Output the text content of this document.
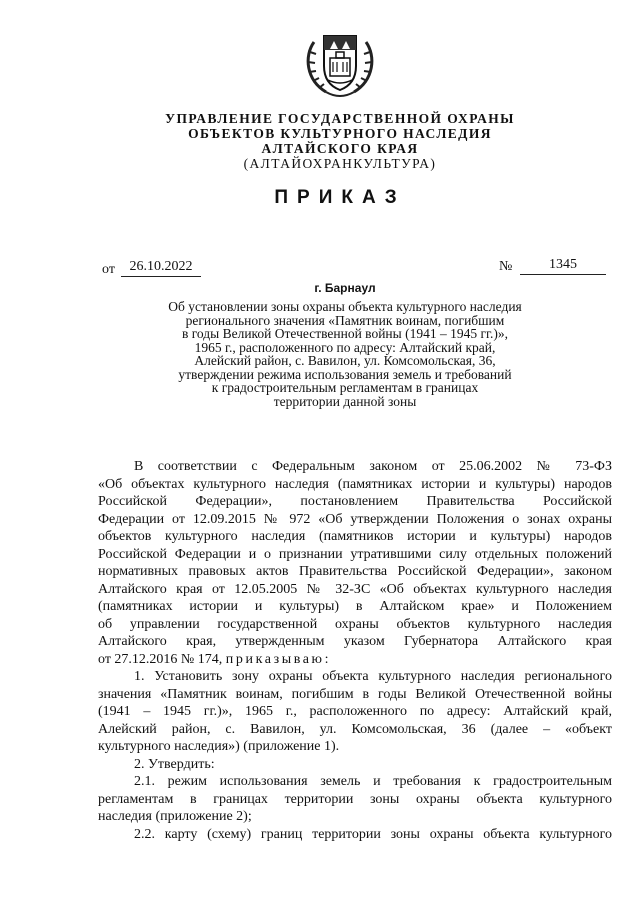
УПРАВЛЕНИЕ ГОСУДАРСТВЕННОЙ ОХРАНЫ
ОБЪЕКТОВ КУЛЬТУРНОГО НАСЛЕДИЯ
АЛТАЙСКОГО КРАЯ
(АЛТАЙОХРАНКУЛЬТУРА)
ПРИКАЗ
от	26.10.2022	№	1345
г. Барнаул
Об установлении зоны охраны объекта культурного наследия
регионального значения «Памятник воинам, погибшим
в годы Великой Отечественной войны (1941 – 1945 гг.)»,
1965 г., расположенного по адресу: Алтайский край,
Алейский район, с. Вавилон, ул. Комсомольская, 36,
утверждении режима использования земель и требований
к градостроительным регламентам в границах
территории данной зоны

В соответствии с Федеральным законом от 25.06.2002 № 73-ФЗ

«Об объектах культурного наследия (памятниках истории и культуры) народов

Российской Федерации», постановлением Правительства Российской

Федерации от 12.09.2015 № 972 «Об утверждении Положения о зонах охраны

объектов культурного наследия (памятников истории и культуры) народов

Российской Федерации и о признании утратившими силу отдельных положений

нормативных правовых актов Правительства Российской Федерации», законом

Алтайского края от 12.05.2005 № 32-ЗС «Об объектах культурного наследия

(памятниках истории и культуры) в Алтайском крае» и Положением

об управлении государственной охраны объектов культурного наследия

Алтайского края, утвержденным указом Губернатора Алтайского края

от 27.12.2016 № 174, приказываю:

1. Установить зону охраны объекта культурного наследия регионального

значения «Памятник воинам, погибшим в годы Великой Отечественной войны

(1941 – 1945 гг.)», 1965 г., расположенного по адресу: Алтайский край,

Алейский район, с. Вавилон, ул. Комсомольская, 36 (далее – «объект

культурного наследия») (приложение 1).

2. Утвердить:

2.1. режим использования земель и требования к градостроительным

регламентам в границах территории зоны охраны объекта культурного

наследия (приложение 2);

2.2. карту (схему) границ территории зоны охраны объекта культурного
